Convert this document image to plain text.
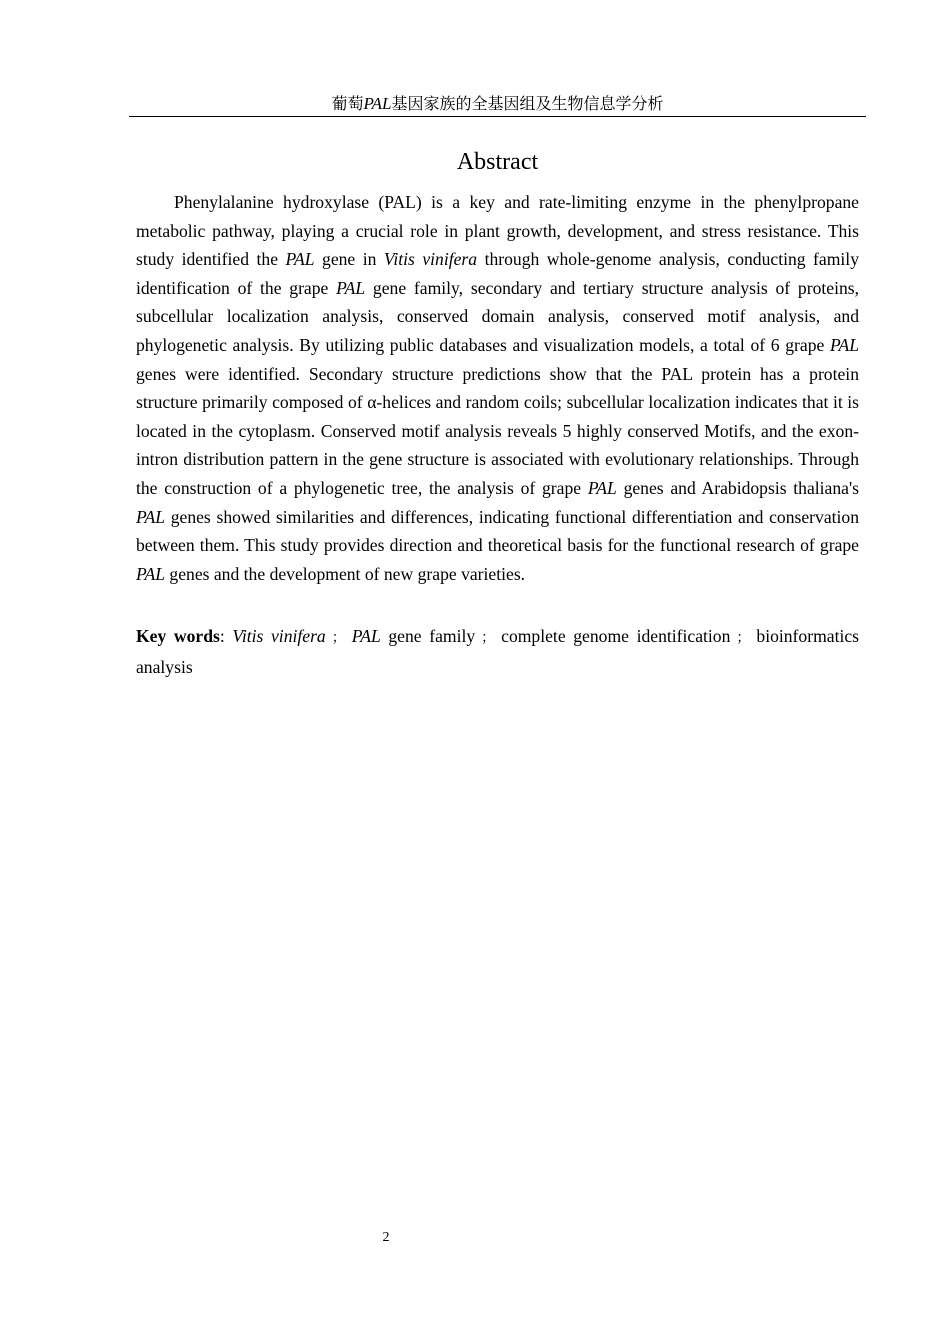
葡萄PAL基因家族的全基因组及生物信息学分析
Abstract

Phenylalanine hydroxylase (PAL) is a key and rate-limiting enzyme in the phenylpropane metabolic pathway, playing a crucial role in plant growth, development, and stress resistance. This study identified the PAL gene in Vitis vinifera through whole-genome analysis, conducting family identification of the grape PAL gene family, secondary and tertiary structure analysis of proteins, subcellular localization analysis, conserved domain analysis, conserved motif analysis, and phylogenetic analysis. By utilizing public databases and visualization models, a total of 6 grape PAL genes were identified. Secondary structure predictions show that the PAL protein has a protein structure primarily composed of α-helices and random coils; subcellular localization indicates that it is located in the cytoplasm. Conserved motif analysis reveals 5 highly conserved Motifs, and the exon-intron distribution pattern in the gene structure is associated with evolutionary relationships. Through the construction of a phylogenetic tree, the analysis of grape PAL genes and Arabidopsis thaliana's PAL genes showed similarities and differences, indicating functional differentiation and conservation between them. This study provides direction and theoretical basis for the functional research of grape PAL genes and the development of new grape varieties.

Key words: Vitis vinifera ； PAL gene family ； complete genome identification ； bioinformatics analysis

2
